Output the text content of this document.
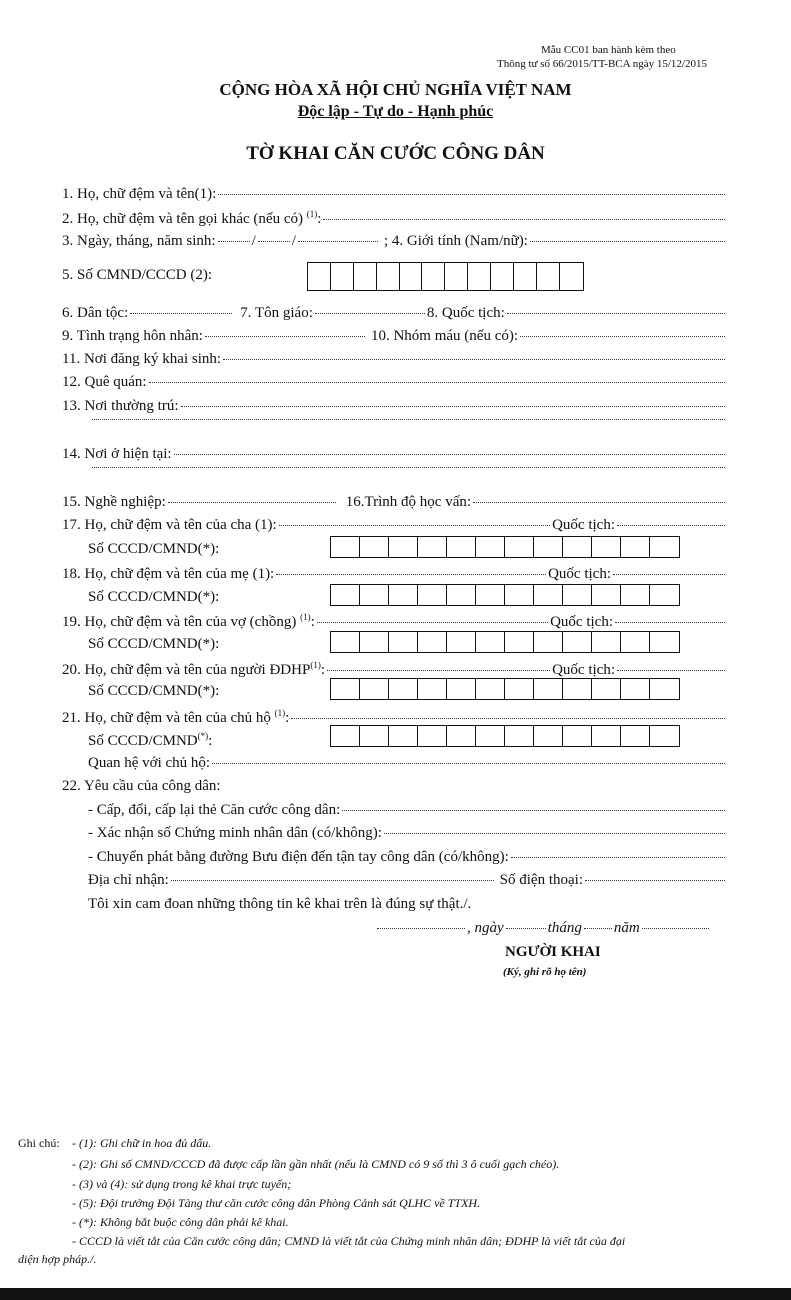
Mẫu CC01 ban hành kèm theo
Thông tư số 66/2015/TT-BCA ngày 15/12/2015
CỘNG HÒA XÃ HỘI CHỦ NGHĨA VIỆT NAM
Độc lập - Tự do - Hạnh phúc
TỜ KHAI CĂN CƯỚC CÔNG DÂN
1. Họ, chữ đệm và tên(1):
2. Họ, chữ đệm và tên gọi khác (nếu có) $^{(1)}$:
3. Ngày, tháng, năm sinh: / /	; 4. Giới tính (Nam/nữ):
5. Số CMND/CCCD (2):
6. Dân tộc:	7. Tôn giáo:	8. Quốc tịch:
9. Tình trạng hôn nhân:	10. Nhóm máu (nếu có):
11. Nơi đăng ký khai sinh:
12. Quê quán:
13. Nơi thường trú:
14. Nơi ở hiện tại:
15. Nghề nghiệp:	16.Trình độ học vấn:
17. Họ, chữ đệm và tên của cha (1):	Quốc tịch:
Số CCCD/CMND(*):
18. Họ, chữ đệm và tên của mẹ (1):	Quốc tịch:
Số CCCD/CMND(*):
19. Họ, chữ đệm và tên của vợ (chồng) $^{(1)}$:	Quốc tịch:
Số CCCD/CMND(*):
20. Họ, chữ đệm và tên của người ĐDHP$^{(1)}$:	Quốc tịch:
Số CCCD/CMND(*):
21. Họ, chữ đệm và tên của chủ hộ $^{(1)}$:
Số CCCD/CMND(*):
Quan hệ với chủ hộ:
22. Yêu cầu của công dân:
- Cấp, đổi, cấp lại thẻ Căn cước công dân:
- Xác nhận số Chứng minh nhân dân (có/không):
- Chuyển phát bằng đường Bưu điện đến tận tay công dân (có/không):
Địa chỉ nhận:	Số điện thoại:
Tôi xin cam đoan những thông tin kê khai trên là đúng sự thật./.
, ngày	tháng năm
NGƯỜI KHAI
(Ký, ghi rõ họ tên)
Ghi chú: - (1): Ghi chữ in hoa đủ dấu.
- (2): Ghi số CMND/CCCD đã được cấp lần gần nhất (nếu là CMND có 9 số thì 3 ô cuối gạch chéo).
- (3) và (4): sử dụng trong kê khai trực tuyến;
- (5): Đội trưởng Đội Tàng thư căn cước công dân Phòng Cảnh sát QLHC về TTXH.
- (*): Không bắt buộc công dân phải kê khai.
- CCCD là viết tắt của Căn cước công dân; CMND là viết tắt của Chứng minh nhân dân; ĐDHP là viết tắt của đại
diện hợp pháp./.
